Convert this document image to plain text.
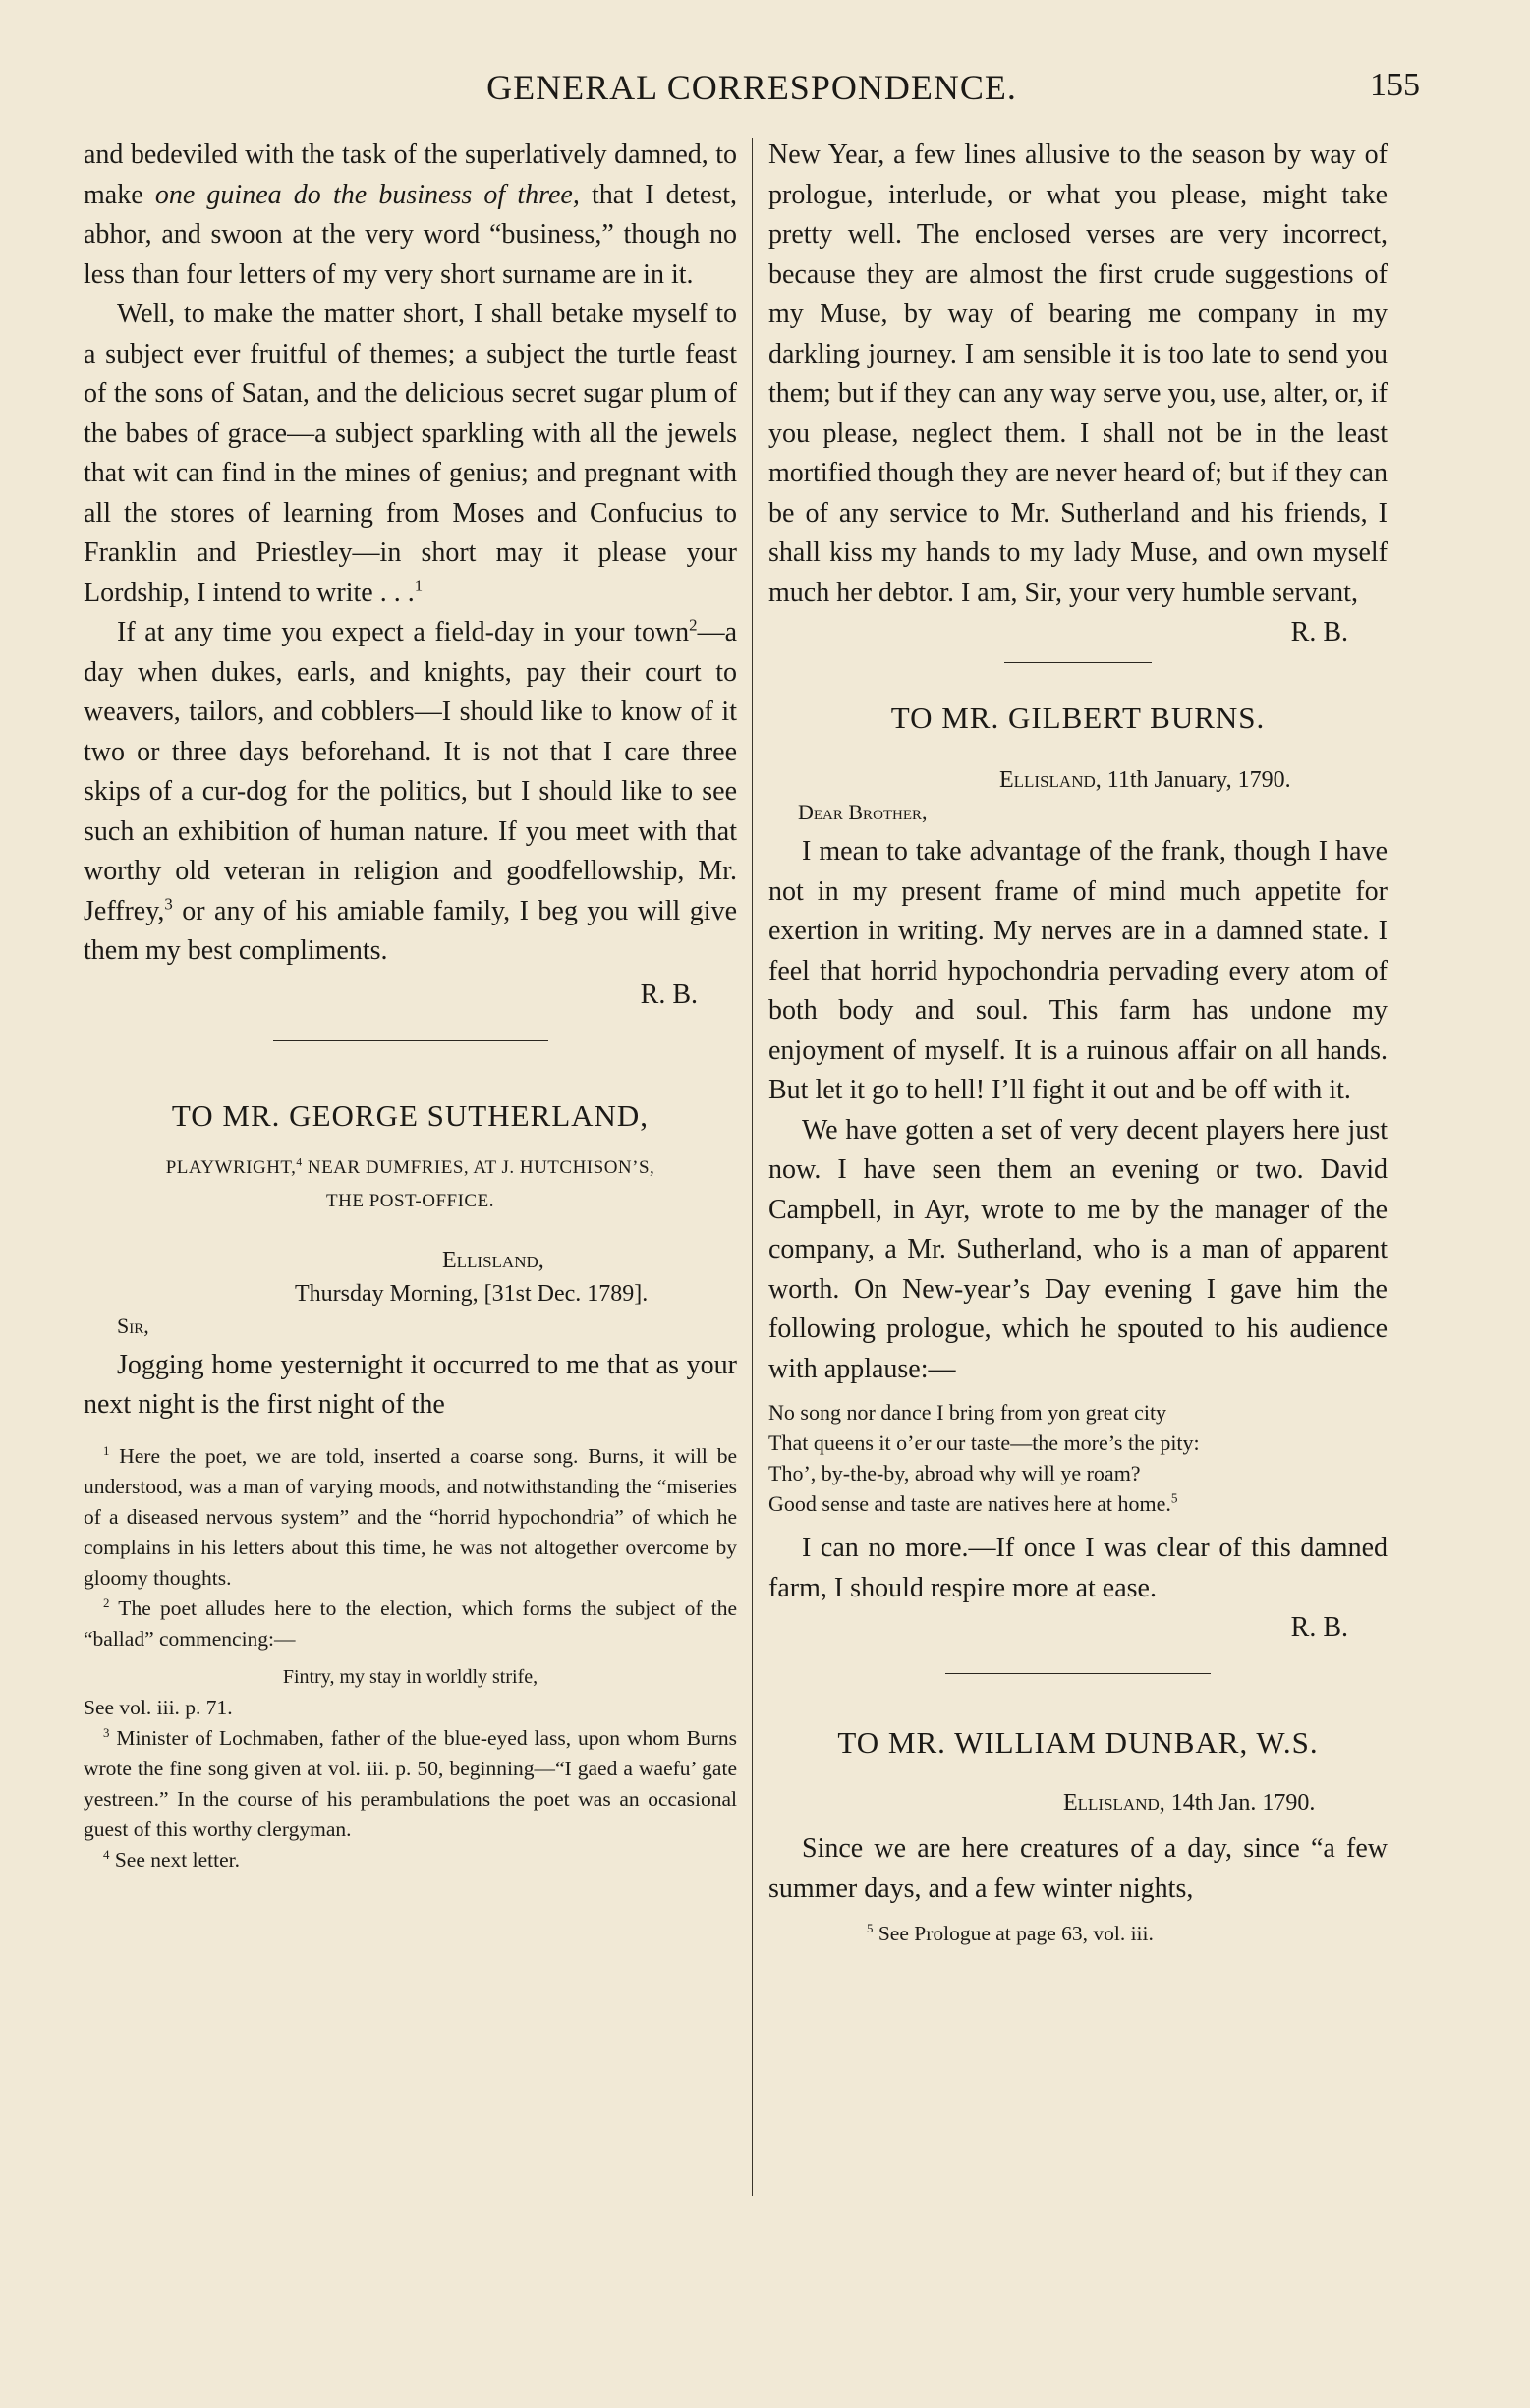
GENERAL CORRESPONDENCE.	155

and bedeviled with the task of the superlatively damned, to make one guinea do the business of three, that I detest, abhor, and swoon at the very word “business,” though no less than four letters of my very short surname are in it.

Well, to make the matter short, I shall betake myself to a subject ever fruitful of themes; a subject the turtle feast of the sons of Satan, and the delicious secret sugar plum of the babes of grace—a subject sparkling with all the jewels that wit can find in the mines of genius; and pregnant with all the stores of learning from Moses and Confucius to Franklin and Priestley—in short may it please your Lordship, I intend to write . . .$^1$

If at any time you expect a field-day in your town$^2$—a day when dukes, earls, and knights, pay their court to weavers, tailors, and cobblers—I should like to know of it two or three days beforehand. It is not that I care three skips of a cur-dog for the politics, but I should like to see such an exhibition of human nature. If you meet with that worthy old veteran in religion and goodfellowship, Mr. Jeffrey,$^3$ or any of his amiable family, I beg you will give them my best compliments.

R. B.

TO MR. GEORGE SUTHERLAND,
PLAYWRIGHT,$^4$ NEAR DUMFRIES, AT J. HUTCHISON’S,
THE POST-OFFICE.
Ellisland,
Thursday Morning, [31st Dec. 1789].
Sir,

Jogging home yesternight it occurred to me that as your next night is the first night of the

$^1$ Here the poet, we are told, inserted a coarse song. Burns, it will be understood, was a man of varying moods, and notwithstanding the “miseries of a diseased nervous system” and the “horrid hypochondria” of which he complains in his letters about this time, he was not altogether overcome by gloomy thoughts.

$^2$ The poet alludes here to the election, which forms the subject of the “ballad” commencing:—

Fintry, my stay in worldly strife,

See vol. iii. p. 71.

$^3$ Minister of Lochmaben, father of the blue-eyed lass, upon whom Burns wrote the fine song given at vol. iii. p. 50, beginning—“I gaed a waefu’ gate yestreen.” In the course of his perambulations the poet was an occasional guest of this worthy clergyman.

$^4$ See next letter.

New Year, a few lines allusive to the season by way of prologue, interlude, or what you please, might take pretty well. The enclosed verses are very incorrect, because they are almost the first crude suggestions of my Muse, by way of bearing me company in my darkling journey. I am sensible it is too late to send you them; but if they can any way serve you, use, alter, or, if you please, neglect them. I shall not be in the least mortified though they are never heard of; but if they can be of any service to Mr. Sutherland and his friends, I shall kiss my hands to my lady Muse, and own myself much her debtor. I am, Sir, your very humble servant,

R. B.

TO MR. GILBERT BURNS.
Ellisland, 11th January, 1790.
Dear Brother,

I mean to take advantage of the frank, though I have not in my present frame of mind much appetite for exertion in writing. My nerves are in a damned state. I feel that horrid hypochondria pervading every atom of both body and soul. This farm has undone my enjoyment of myself. It is a ruinous affair on all hands. But let it go to hell! I’ll fight it out and be off with it.

We have gotten a set of very decent players here just now. I have seen them an evening or two. David Campbell, in Ayr, wrote to me by the manager of the company, a Mr. Sutherland, who is a man of apparent worth. On New-year’s Day evening I gave him the following prologue, which he spouted to his audience with applause:—

No song nor dance I bring from yon great city
That queens it o’er our taste—the more’s the pity:
Tho’, by-the-by, abroad why will ye roam?
Good sense and taste are natives here at home.$^5$

I can no more.—If once I was clear of this damned farm, I should respire more at ease.

R. B.

TO MR. WILLIAM DUNBAR, W.S.
Ellisland, 14th Jan. 1790.

Since we are here creatures of a day, since “a few summer days, and a few winter nights,

$^5$ See Prologue at page 63, vol. iii.
